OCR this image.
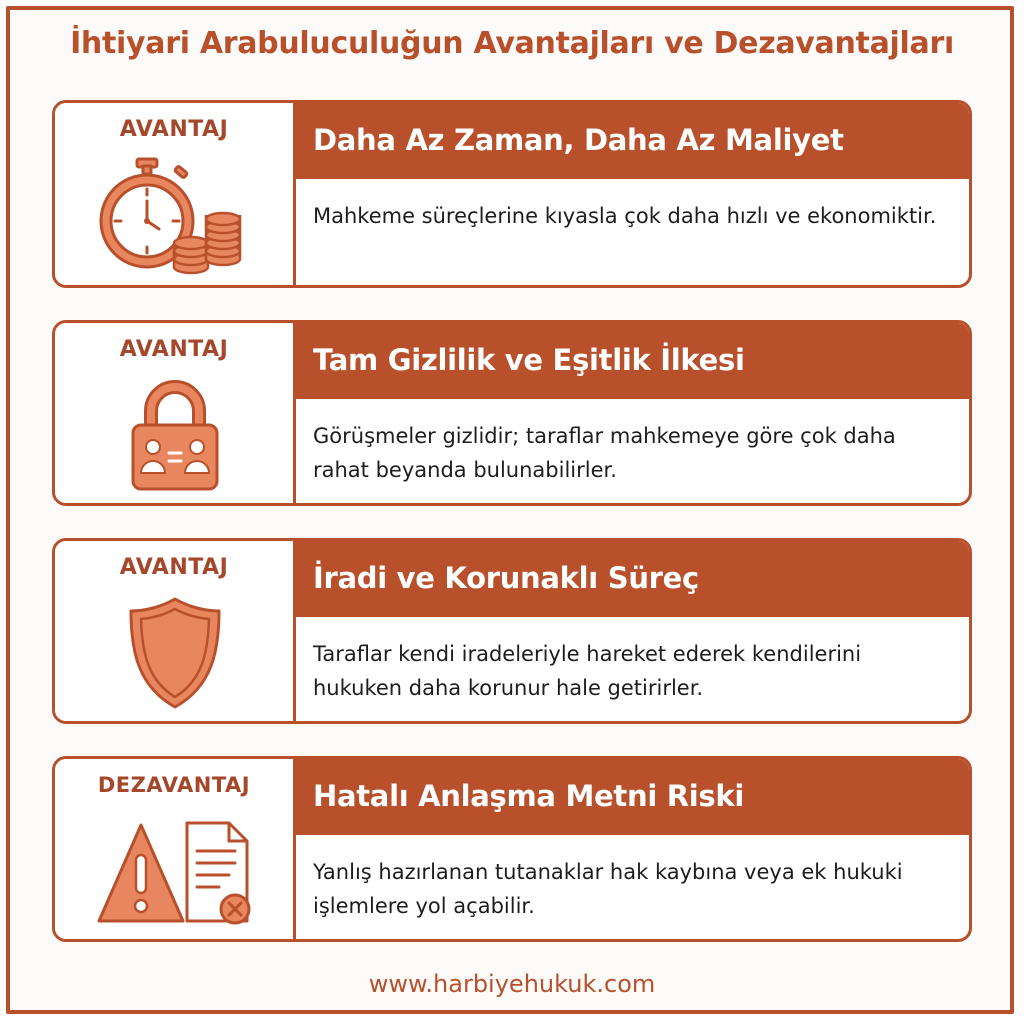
İhtiyari Arabuluculuğun Avantajları ve Dezavantajları
AVANTAJ	Daha Az Zaman, Daha Az Maliyet
Mahkeme süreçlerine kıyasla çok daha hızlı ve ekonomiktir.
AVANTAJ	Tam Gizlilik ve Eşitlik İlkesi
Görüşmeler gizlidir; taraflar mahkemeye göre çok daha rahat beyanda bulunabilirler.
AVANTAJ	İradi ve Korunaklı Süreç
Taraflar kendi iradeleriyle hareket ederek kendilerini hukuken daha korunur hale getirirler.
DEZAVANTAJ	Hatalı Anlaşma Metni Riski
Yanlış hazırlanan tutanaklar hak kaybına veya ek hukuki işlemlere yol açabilir.
www.harbiyehukuk.com
